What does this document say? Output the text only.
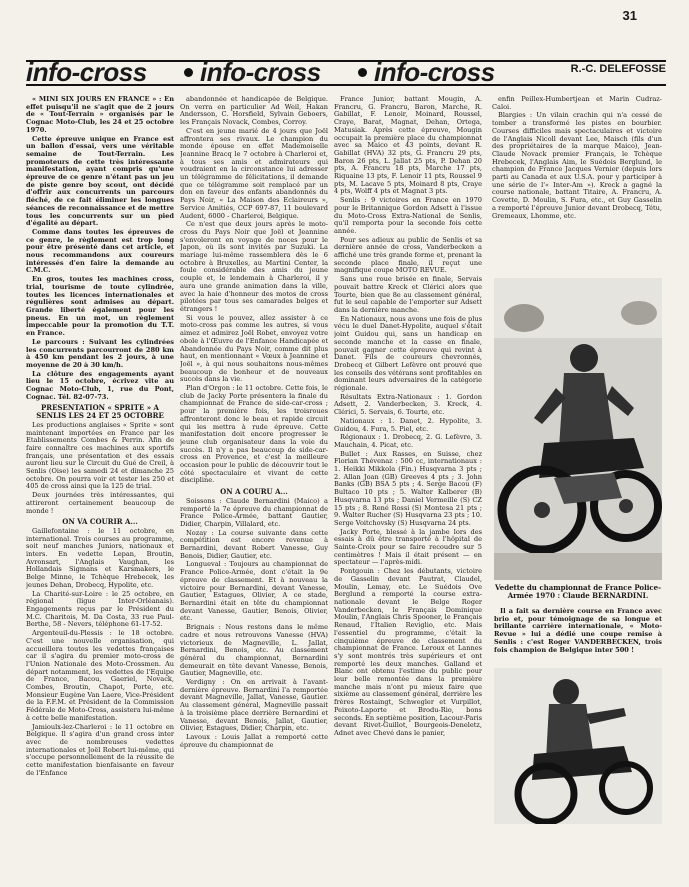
31
info-cross info-cross info-cross	R.-C. DELEFOSSE

« MINI SIX JOURS EN FRANCE » : En effet puisqu'il ne s'agit que de 2 jours de « Tout-Terrain » organisés par le Cognac Moto-Club, les 24 et 25 octobre 1970.

Cette épreuve unique en France est un ballon d'essai, vers une véritable semaine de Tout-Terrain. Les promoteurs de cette très intéressante manifestation, ayant compris qu'une épreuve de ce genre n'étant pas un jeu de piste genre boy scout, ont décidé d'offrir aux concurrents un parcours fléché, de ce fait éliminer les longues séances de reconnaissance et de mettre tous les concurrents sur un pied d'égalité au départ.

Comme dans toutes les épreuves de ce genre, le règlement est trop long pour être présenté dans cet article, et nous recommandons aux coureurs intéressés d'en faire la demande au C.M.C.

En gros, toutes les machines cross, trial, tourisme de toute cylindrée, toutes les licences internationales et régulières sont admises au départ. Grande liberté également pour les pneus. En un mot, un règlement impeccable pour la promotion du T.T. en France.

Le parcours : Suivant les cylindrées les concurrents parcourront de 280 km à 450 km pendant les 2 jours, à une moyenne de 20 à 30 km/h.

La clôture des engagements ayant lieu le 15 octobre, écrivez vite au Cognac Moto-Club, 1, rue du Pont, Cognac. Tél. 82-07-73.

PRESENTATION « SPRITE » A SENLIS LES 24 ET 25 OCTOBRE

Les productions anglaises « Sprite » sont maintenant importées en France par les Etablissements Combes & Perrin. Afin de faire connaître ces machines aux sportifs français, une présentation et des essais auront lieu sur le Circuit du Gué de Creil, à Senlis (Oise) les samedi 24 et dimanche 25 octobre. On pourra voir et tester les 250 et 405 de cross ainsi que la 125 de trial.

Deux journées très intéressantes, qui attireront certainement beaucoup de monde !

ON VA COURIR A...

Gaillefontaine : le 11 octobre, en international. Trois courses au programme, soit neuf manches Juniors, nationaux et inters. En vedette Lepan, Broutin, Avronsart, l'Anglais Vaughan, les Hollandais Sigmans et Karsmakers, le Belge Minne, le Tchèque Hrebecek, les jeunes Dehan, Drobecq, Hypolite, etc.

La Charité-sur-Loire : le 25 octobre, en régional (ligue Inter-Orléanais). Engagements reçus par le Président du M.C. Charitois, M. Da Costa, 33 rue Paul-Berthe, 58 - Nevers, téléphone 61-17-52.

Argenteuil-du-Plessis : le 18 octobre. C'est une nouvelle organisation, qui accueillera toutes les vedettes françaises car il s'agira du premier moto-cross de l'Union Nationale des Moto-Crossmen. Au départ notamment, les vedettes de l'Equipe de France, Bacou, Gaeriel, Novack, Combes, Broutin, Chapot, Porte, etc. Monsieur Eugène Van Laere, Vice-Président de la F.F.M. et Président de la Commission Fédérale de Moto-Cross, assistera lui-même à cette belle manifestation.

Jamioulx-lez-Charleroi : le 11 octobre en Belgique. Il s'agira d'un grand cross inter avec de nombreuses vedettes internationales et Joël Robert lui-même, qui s'occupe personnellement de la réussite de cette manifestation bienfaisante en faveur de l'Enfance

abandonnée et handicapée de Belgique. On verra en particulier Ad Weil, Hakan Andersson, C. Horsfield, Sylvain Geboers, les Français Novack, Combes, Corroy.

C'est en jeune marié de 4 jours que Joël affrontera ses rivaux. Le champion du monde épouse en effet Mademoiselle Jeannine Bracq le 7 octobre à Charleroi et, à tous ses amis et admirateurs qui voudraient en la circonstance lui adresser un télégramme de félicitations, il demande que ce télégramme soit remplacé par un don en faveur des enfants abandonnés du Pays Noir, « La Maison des Eclaireurs », Service Amitiés, CCP 697-87, 11 boulevard Audent, 6000 - Charleroi, Belgique.

Ce n'est que deux jours après le moto-cross du Pays Noir que Joël et Jeannine s'envoleront en voyage de noces pour le Japon, où ils sont invités par Suzuki. La mariage lui-même rassemblera dès le 6 octobre à Bruxelles, au Martini Center, la foule considérable des amis du jeune couple et, le lendemain à Charleroi, il y aura une grande animation dans la ville, avec la haie d'honneur des motos de cross pilotées par tous ses camarades belges et étrangers !

Si vous le pouvez, allez assister à ce moto-cross pas comme les autres, si vous aimez et admirez Joël Robet, envoyez votre obole à l'Œuvre de l'Enfance Handicapée et Abandonnée du Pays Noir, comme dit plus haut, en mentionnant « Vœux à Jeannine et Joël », à qui nous souhaitons nous-mêmes beaucoup de bonheur et de nouveaux succès dans la vie.

Plan d'Orgon : le 11 octobre. Cette fois, le club de Jacky Porte présentera la finale du championnat de France de side-car-cross ; pour la première fois, les troisroues affronteront donc le beau et rapide circuit qui les mettra à rude épreuve. Cette manifestation doit encore progresser le jeune club organisateur dans la voie du succès. Il n'y a pas beaucoup de side-car-cross en Provence, et c'est la meilleure occasion pour le public de découvrir tout le côté spectaculaire et vivant de cette discipline.

ON A COURU A...

Soissons : Claude Bernardini (Maico) a remporté la 7e épreuve du championnat de France Police-Armée, battant Gautier, Didier, Charpin, Villalard, etc.

Nozay : La course suivante dans cette compétition est encore revenue à Bernardini, devant Robert Vanesse, Guy Benois, Didier, Gautier, etc.

Longueval : Toujours au championnat de France Police-Armée, dont c'était la 9e épreuve de classement. Et à nouveau la victoire pour Bernardini, devant Vanesse, Gautier, Estagues, Olivier, A ce stade, Bernardini était en tête du championnat devant Vanesse, Gautier, Benois, Olivier, etc.

Brignais : Nous restons dans le même cadre et nous retrouvons Vanesse (HVA) victorieux de Magneville, L. Jallat, Bernardini, Benois, etc. Au classement général du championnat, Bernardini demeurait en tête devant Vanesse, Benois, Gautier, Magneville, etc.

Verdigny : On en arrivait à l'avant-dernière épreuve. Bernardini l'a remportée devant Magneville, Jallat, Vanesse, Gautier. Au classement général, Magneville passait à la troisième place derrière Bernardini et Vanesse, devant Benois, Jallat, Gautier, Olivier, Estagues, Didier, Charpin, etc.

Lavoux : Louis Jallat a remporté cette épreuve du championnat de

France Junior, battant Mougin, A. Francru, G. Francru, Baron, Marche, R. Gabillat, F. Lenoir, Moinard, Roussel, Craye, Barat, Magnat, Dehan, Ortega, Matusiak. Après cette épreuve, Mougin occupait la première place du championnat avec sa Maico et 43 points, devant R. Gabillat (HVA) 32 pts, G. Francru 29 pts, Baron 26 pts, L. Jallat 25 pts, P. Dehan 20 pts, A. Francru 18 pts, Marche 17 pts, Riquaine 13 pts, F. Lenoir 11 pts, Roussel 9 pts, M. Lacave 5 pts, Moinard 8 pts, Craye 4 pts, Wolff 4 pts et Magnat 3 pts.

Senlis : 9 victoires en France en 1970 pour le Britannique Gordon Adsett à l'issue du Moto-Cross Extra-National de Senlis, qu'il remporta pour la seconde fois cette année.

Pour ses adieux au public de Senlis et sa dernière année de cross, Vanderbecken a affiché une très grande forme et, prenant la seconde place finale, il reçut une magnifique coupe MOTO REVUE.

Sans une roue brisée en finale, Servais pouvait battre Kreck et Clérici alors que Tourte, bien que 8e au classement général, fut le seul capable de l'emporter sur Adsett dans la dernière manche.

En Nationaux, nous avons une fois de plus vécu le duel Danet-Hypolite, auquel s'était joint Guidou qui, sans un handicap en seconde manche et la casse en finale, pouvait gagner cette épreuve qui revint à Danet. Fils de coureurs chevronnés, Drobecq et Gilbert Lefèvre ont prouvé que les conseils des vétérans sont profitables en dominant leurs adversaires de la catégorie régionale.

Résultats Extra-Nationaux : 1. Gordon Adsett, 2. Vanderbecken, 3. Kreck, 4. Clérici, 5. Servais, 6. Tourte, etc.

Nationaux : 1. Danet, 2. Hypolite, 3. Guidou, 4. Fura, 5. Piel, etc.

Régionaux : 1. Drobecq, 2. G. Lefèvre, 3. Mauchain, 4. Picat, etc.

Bullet : Aux Rasses, en Suisse, chez Florian Thévenaz : 500 cc, internationaux : 1. Heikki Mikkola (Fin.) Husqvarna 3 pts ; 2. Allan Joan (GB) Greeves 4 pts ; 3. John Banks (GB) BSA 5 pts ; 4. Serge Bacou (F) Bultaco 10 pts ; 5. Walter Kalberer (B) Husqvarna 13 pts ; Daniel Vermeille (S) CZ 15 pts ; 8. René Rossi (S) Montesa 21 pts ; 9. Walter Rucher (S) Husqvarna 23 pts ; 10. Serge Voitchovsky (S) Husqvarna 24 pts.

Jacky Porte, blessé à la jambe lors des essais à dû être transporté à l'hôpital de Sainte-Croix pour se faire recoudre sur 5 centimètres ! Mais il était présent — en spectateur — l'après-midi.

Pontgouin : Chez les débutants, victoire de Gasselin devant Pautrat, Claudel, Moulin, Lemay, etc. Le Suédois Ove Berglund a remporté la course extra-nationale devant le Belge Roger Vanderbecken, le Français Dominique Moulin, l'Anglais Chris Spooner, le Français Renaud, l'Italien Reviglio, etc. Mais l'essentiel du programme, c'était la cinquième épreuve de classement du championnat de France. Leroux et Lannes s'y sont montrés très supérieurs et ont remporté les deux manches. Galland et Blanc ont obtenu l'estime du public pour leur belle remontée dans la première manche mais n'ont pu mieux faire que sixième au classement général, derrière les frères Rostaingt, Schwegler et Vurpillot, Peixoto-Laporte et Brodu-Rio, bons seconds. En septième position, Lacour-Paris devant Rivet-Guillot, Bourgeois-Deneletz, Adnet avec Chevé dans le panier,

enfin Peillex-Humbertjean et Marin Cudraz-Caloi.

Blargies : Un vilain crachin qui n'a cessé de tomber a transformé les pistes en bourbier. Courses difficiles mais spectaculaires et victoire de l'Anglais Nicoll devant Lee, Maisch (fils d'un des propriétaires de la marque Maico), Jean-Claude Novack premier Français, le Tchèque Hrebecek, l'Anglais Aim, le Suédois Berglund, le champion de France Jacques Vernier (depuis lors parti au Canada et aux U.S.A. pour y participer à une série de l'« Inter-Am »). Kreck a gagné la course nationale, battant Titaire, A. Francru, A. Covette, D. Moulin, S. Fura, etc., et Guy Gasselin a remporté l'épreuve Junior devant Drobecq, Tétu, Gremeaux, Lhomme, etc.

Vedette du championnat de France Police-Armée 1970 : Claude BERNARDINI.

Il a fait sa dernière course en France avec brio et, pour témoignage de sa longue et brillante carrière internationale, « Moto-Revue » lui a dédié une coupe remise à Senlis : c'est Roger VANDERBECKEN, trois fois champion de Belgique inter 500 !
